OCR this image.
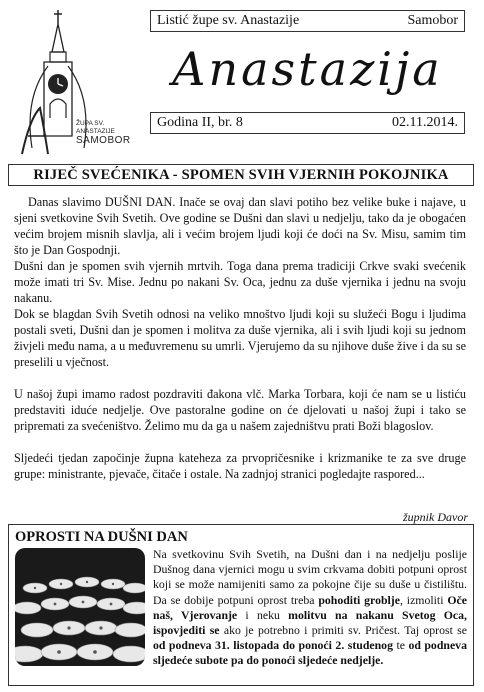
ŽUPA SV.
ANASTAZIJE
SAMOBOR
Listić župe sv. Anastazije	Samobor
Anastazija
Godina II, br. 8	02.11.2014.
RIJEČ SVEĆENIKA - SPOMEN SVIH VJERNIH POKOJNIKA

Danas slavimo DUŠNI DAN. Inače se ovaj dan slavi potiho bez velike buke i najave, u sjeni svetkovine Svih Svetih. Ove godine se Dušni dan slavi u nedjelju, tako da je obogaćen većim brojem misnih slavlja, ali i većim brojem ljudi koji će doći na Sv. Misu, samim tim što je Dan Gospodnji.

Dušni dan je spomen svih vjernih mrtvih. Toga dana prema tradiciji Crkve svaki svećenik može imati tri Sv. Mise. Jednu po nakani Sv. Oca, jednu za duše vjernika i jednu na svoju nakanu.

Dok se blagdan Svih Svetih odnosi na veliko mnoštvo ljudi koji su služeći Bogu i ljudima postali sveti, Dušni dan je spomen i molitva za duše vjernika, ali i svih ljudi koji su jednom živjeli među nama, a u međuvremenu su umrli. Vjerujemo da su njihove duše žive i da su se preselili u vječnost.

U našoj župi imamo radost pozdraviti đakona vlč. Marka Torbara, koji će nam se u listiću predstaviti iduće nedjelje. Ove pastoralne godine on će djelovati u našoj župi i tako se pripremati za svećeništvo. Želimo mu da ga u našem zajedništvu prati Boži blagoslov.

Sljedeći tjedan započinje župna kateheza za prvopričesnike i krizmanike te za sve druge grupe: ministrante, pjevače, čitače i ostale. Na zadnjoj stranici pogledajte raspored...

župnik Davor
OPROSTI NA DUŠNI DAN
Na svetkovinu Svih Svetih, na Dušni dan i na nedjelju poslije Dušnog dana vjernici mogu u svim crkvama dobiti potpuni oprost koji se može namijeniti samo za pokojne čije su duše u čistilištu. Da se dobije potpuni oprost treba pohoditi groblje, izmoliti Oče naš, Vjerovanje i neku molitvu na nakanu Svetog Oca, ispovjediti se ako je potrebno i primiti sv. Pričest. Taj oprost se od podneva 31. listopada do ponoći 2. studenog te od podneva sljedeće subote pa do ponoći sljedeće nedjelje.
